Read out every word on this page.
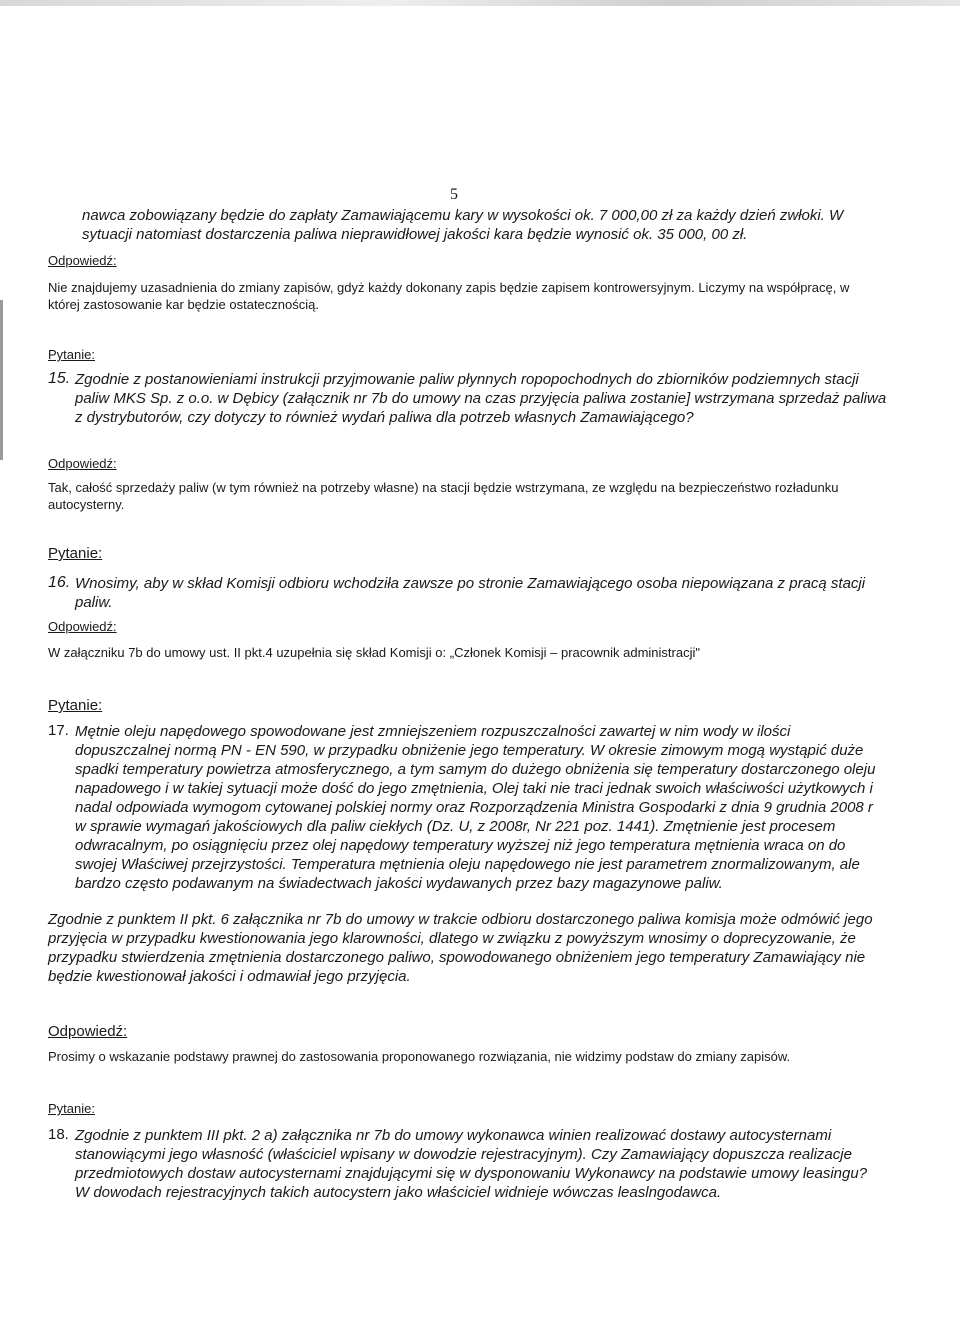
5

nawca zobowiązany będzie do zapłaty Zamawiającemu kary w wysokości ok. 7 000,00 zł za każdy dzień zwłoki. W sytuacji natomiast dostarczenia paliwa nieprawidłowej jakości kara będzie wynosić ok. 35 000, 00 zł.

Odpowiedź:

Nie znajdujemy uzasadnienia do zmiany zapisów, gdyż każdy dokonany zapis będzie zapisem kontrowersyjnym. Liczymy na współpracę, w której zastosowanie kar będzie ostatecznością.

Pytanie:
15. Zgodnie z postanowieniami instrukcji przyjmowanie paliw płynnych ropopochodnych do zbiorników podziemnych stacji paliw MKS Sp. z o.o. w Dębicy (załącznik nr 7b do umowy na czas przyjęcia paliwa zostanie] wstrzymana sprzedaż paliwa z dystrybutorów, czy dotyczy to również wydań paliwa dla potrzeb własnych Zamawiającego?

Odpowiedź:

Tak, całość sprzedaży paliw (w tym również na potrzeby własne) na stacji będzie wstrzymana, ze względu na bezpieczeństwo rozładunku autocysterny.

Pytanie:
16. Wnosimy, aby w skład Komisji odbioru wchodziła zawsze po stronie Zamawiającego osoba niepowiązana z pracą stacji paliw.

Odpowiedź:

W załączniku 7b do umowy ust. II pkt.4 uzupełnia się skład Komisji o: „Członek Komisji – pracownik administracji"

Pytanie:
17. Mętnie oleju napędowego spowodowane jest zmniejszeniem rozpuszczalności zawartej w nim wody w ilości dopuszczalnej normą PN - EN 590, w przypadku obniżenie jego temperatury. W okresie zimowym mogą wystąpić duże spadki temperatury powietrza atmosferycznego, a tym samym do dużego obniżenia się temperatury dostarczonego oleju napadowego i w takiej sytuacji może dość do jego zmętnienia, Olej taki nie traci jednak swoich właściwości użytkowych i nadal odpowiada wymogom cytowanej polskiej normy oraz Rozporządzenia Ministra Gospodarki z dnia 9 grudnia 2008 r w sprawie wymagań jakościowych dla paliw ciekłych (Dz. U, z 2008r, Nr 221 poz. 1441). Zmętnienie jest procesem odwracalnym, po osiągnięciu przez olej napędowy temperatury wyższej niż jego temperatura mętnienia wraca on do swojej Właściwej przejrzystości. Temperatura mętnienia oleju napędowego nie jest parametrem znormalizowanym, ale bardzo często podawanym na świadectwach jakości wydawanych przez bazy magazynowe paliw.

Zgodnie z punktem II pkt. 6 załącznika nr 7b do umowy w trakcie odbioru dostarczonego paliwa komisja może odmówić jego przyjęcia w przypadku kwestionowania jego klarowności, dlatego w związku z powyższym wnosimy o doprecyzowanie, że przypadku stwierdzenia zmętnienia dostarczonego paliwo, spowodowanego obniżeniem jego temperatury Zamawiający nie będzie kwestionował jakości i odmawiał jego przyjęcia.

Odpowiedź:

Prosimy o wskazanie podstawy prawnej do zastosowania proponowanego rozwiązania, nie widzimy podstaw do zmiany zapisów.

Pytanie:
18. Zgodnie z punktem III pkt. 2 a) załącznika nr 7b do umowy wykonawca winien realizować dostawy autocysternami stanowiącymi jego własność (właściciel wpisany w dowodzie rejestracyjnym). Czy Zamawiający dopuszcza realizacje przedmiotowych dostaw autocysternami znajdującymi się w dysponowaniu Wykonawcy na podstawie umowy leasingu? W dowodach rejestracyjnych takich autocystern jako właściciel widnieje wówczas leaslngodawca.
